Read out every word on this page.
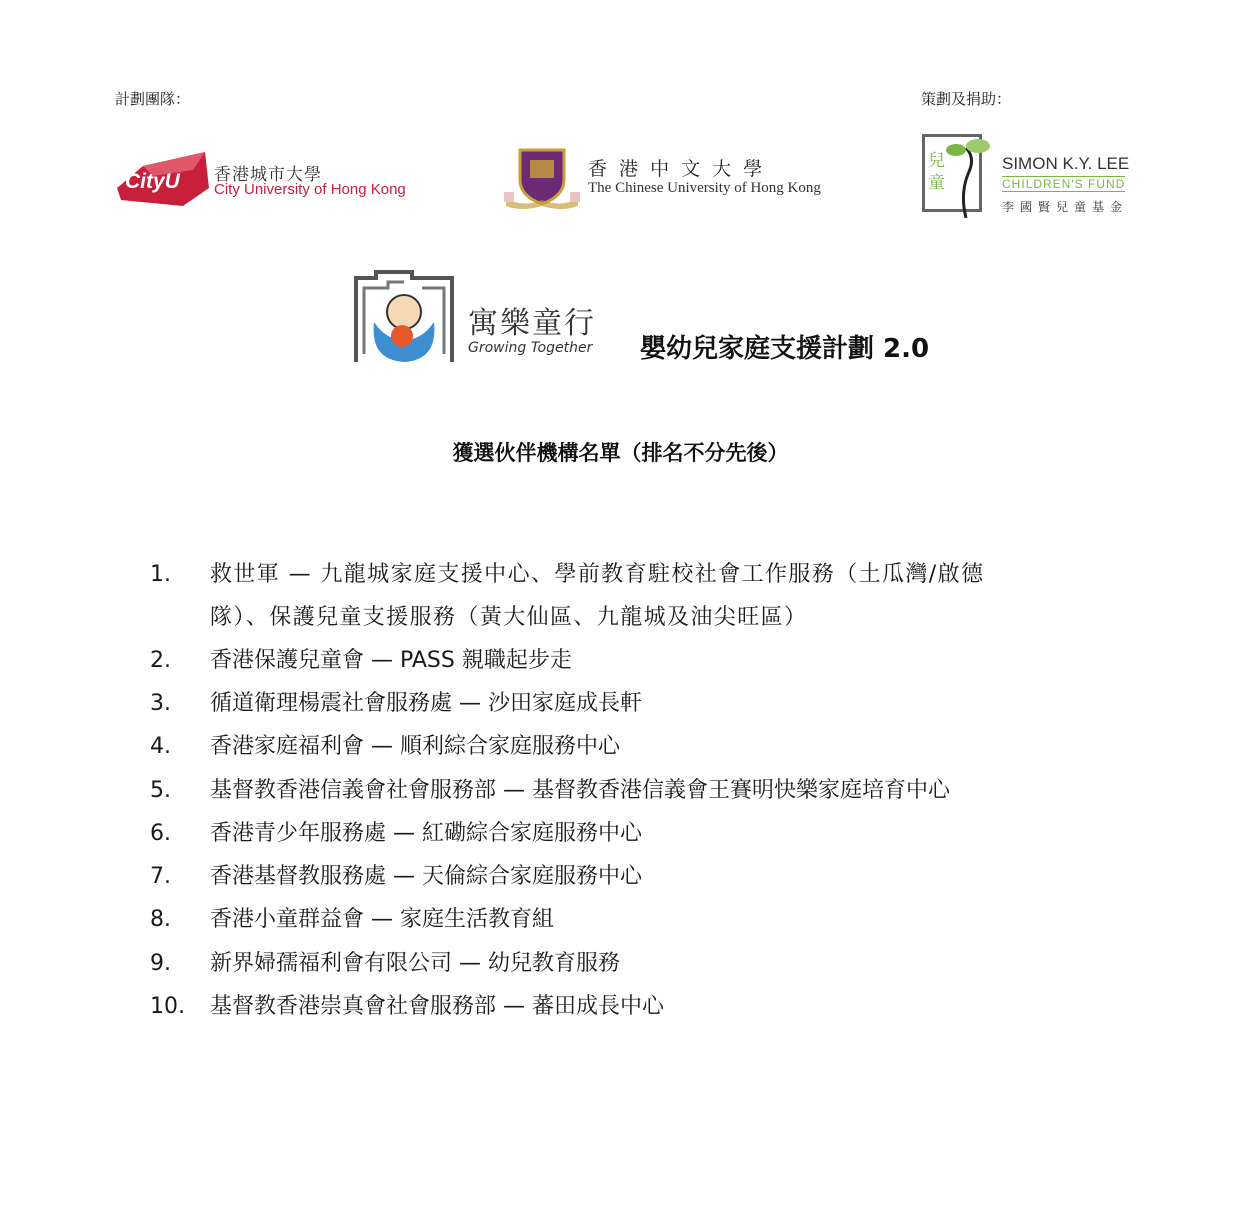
計劃團隊：	策劃及捐助：
CityU 香港城市大學
City University of Hong Kong
香 港 中 文 大 學
The Chinese University of Hong Kong
兒童
SIMON K.Y. LEE
CHILDREN'S FUND
李國賢兒童基金
寓樂童行
Growing Together 嬰幼兒家庭支援計劃 2.0
獲選伙伴機構名單（排名不分先後）
1.	救世軍 — 九龍城家庭支援中心、學前教育駐校社會工作服務（土瓜灣/啟德
隊）、保護兒童支援服務（黃大仙區、九龍城及油尖旺區）
2.	香港保護兒童會 — PASS 親職起步走
3.	循道衛理楊震社會服務處 — 沙田家庭成長軒
4.	香港家庭福利會 — 順利綜合家庭服務中心
5.	基督教香港信義會社會服務部 — 基督教香港信義會王賽明快樂家庭培育中心
6.	香港青少年服務處 — 紅磡綜合家庭服務中心
7.	香港基督教服務處 — 天倫綜合家庭服務中心
8.	香港小童群益會 — 家庭生活教育組
9.	新界婦孺福利會有限公司 — 幼兒教育服務
10.	基督教香港崇真會社會服務部 — 蕃田成長中心
